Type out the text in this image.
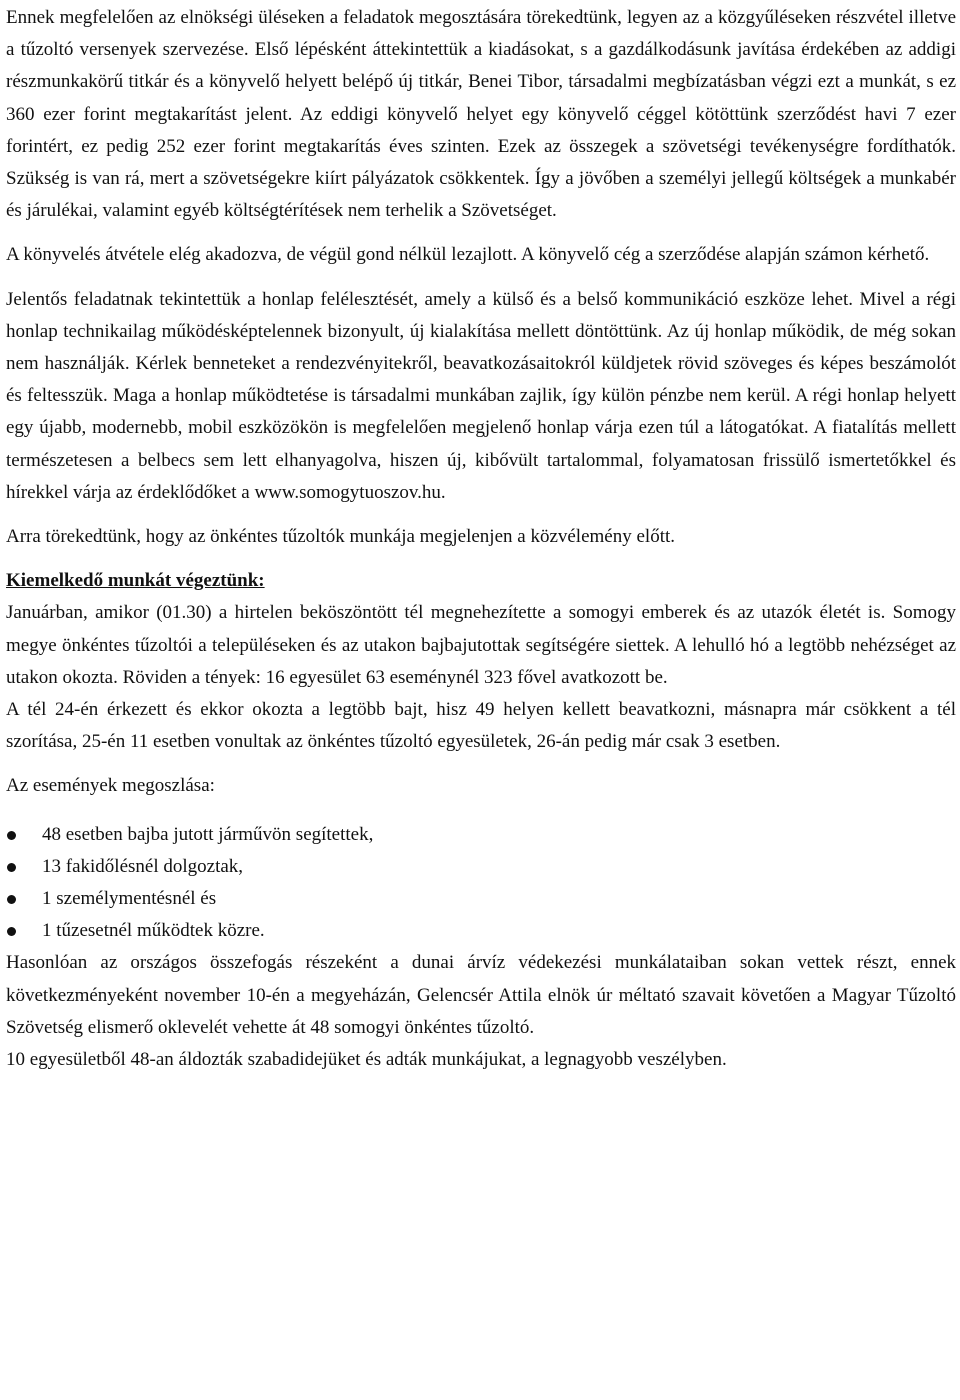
Ennek megfelelően az elnökségi üléseken a feladatok megosztására törekedtünk, legyen az a közgyűléseken részvétel illetve a tűzoltó versenyek szervezése. Első lépésként áttekintettük a kiadásokat, s a gazdálkodásunk javítása érdekében az addigi részmunkakörű titkár és a könyvelő helyett belépő új titkár, Benei Tibor, társadalmi megbízatásban végzi ezt a munkát, s ez 360 ezer forint megtakarítást jelent. Az eddigi könyvelő helyet egy könyvelő céggel kötöttünk szerződést havi 7 ezer forintért, ez pedig 252 ezer forint megtakarítás éves szinten. Ezek az összegek a szövetségi tevékenységre fordíthatók. Szükség is van rá, mert a szövetségekre kiírt pályázatok csökkentek. Így a jövőben a személyi jellegű költségek a munkabér és járulékai, valamint egyéb költségtérítések nem terhelik a Szövetséget.

A könyvelés átvétele elég akadozva, de végül gond nélkül lezajlott. A könyvelő cég a szerződése alapján számon kérhető.

Jelentős feladatnak tekintettük a honlap felélesztését, amely a külső és a belső kommunikáció eszköze lehet. Mivel a régi honlap technikailag működésképtelennek bizonyult, új kialakítása mellett döntöttünk. Az új honlap működik, de még sokan nem használják. Kérlek benneteket a rendezvényitekről, beavatkozásaitokról küldjetek rövid szöveges és képes beszámolót és feltesszük. Maga a honlap működtetése is társadalmi munkában zajlik, így külön pénzbe nem kerül. A régi honlap helyett egy újabb, modernebb, mobil eszközökön is megfelelően megjelenő honlap várja ezen túl a látogatókat. A fiatalítás mellett természetesen a belbecs sem lett elhanyagolva, hiszen új, kibővült tartalommal, folyamatosan frissülő ismertetőkkel és hírekkel várja az érdeklődőket a www.somogytuoszov.hu.

Arra törekedtünk, hogy az önkéntes tűzoltók munkája megjelenjen a közvélemény előtt.

Kiemelkedő munkát végeztünk:

Januárban, amikor (01.30) a hirtelen beköszöntött tél megnehezítette a somogyi emberek és az utazók életét is. Somogy megye önkéntes tűzoltói a településeken és az utakon bajbajutottak segítségére siettek. A lehulló hó a legtöbb nehézséget az utakon okozta. Röviden a tények: 16 egyesület 63 eseménynél 323 fővel avatkozott be.

A tél 24-én érkezett és ekkor okozta a legtöbb bajt, hisz 49 helyen kellett beavatkozni, másnapra már csökkent a tél szorítása, 25-én 11 esetben vonultak az önkéntes tűzoltó egyesületek, 26-án pedig már csak 3 esetben.

Az események megoszlása:

48 esetben bajba jutott járművön segítettek,
13 fakidőlésnél dolgoztak,
1 személymentésnél és
1 tűzesetnél működtek közre.

Hasonlóan az országos összefogás részeként a dunai árvíz védekezési munkálataiban sokan vettek részt, ennek következményeként november 10-én a megyeházán, Gelencsér Attila elnök úr méltató szavait követően a Magyar Tűzoltó Szövetség elismerő oklevelét vehette át 48 somogyi önkéntes tűzoltó.

10 egyesületből 48-an áldozták szabadidejüket és adták munkájukat, a legnagyobb veszélyben.
